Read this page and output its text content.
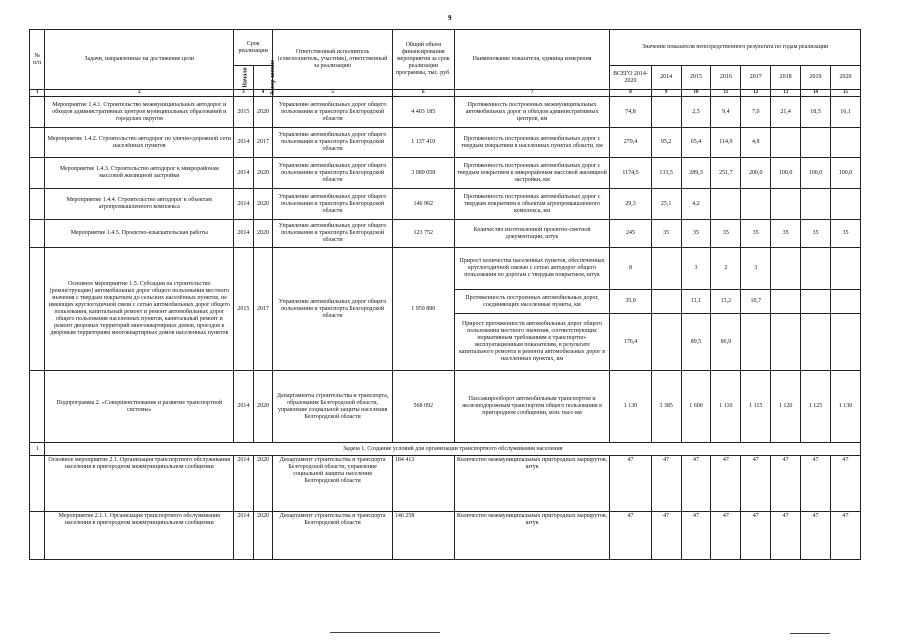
9
№ п/п	Задачи, направленные на достижение цели	Срок реализации		Ответственный исполнитель (соисполнитель, участник), ответственный за реализацию	Общий объем финансирования мероприятия за срок реализации программы, тыс. руб.	Наименование показателя, единица измерения	Значение показателя непосредственного результата по годам реализации							
		Начало	Завер-шение				ВСЕГО 2014-2020	2014	2015	2016	2017	2018	2019	2020
1	2	3	4	5	6	7	8	9	10	11	12	13	14	15
	Мероприятие 1.4.1. Строительство межмуниципальных автодорог и обходов административных центров муниципальных образований и городских округов	2015	2020	Управление автомобильных дорог общего пользования и транспорта Белгородской области	4 403 185	Протяженность построенных межмуниципальных автомобильных дорог и обходов административных центров, км	74,8		2,5	9,4	7,0	21,4	18,5	16,1
	Мероприятие 1.4.2. Строительство автодорог по улично-дорожной сети населённых пунктов	2014	2017	Управление автомобильных дорог общего пользования и транспорта Белгородской области	1 137 410	Протяженность построенных автомобильных дорог с твердым покрытием в населенных пунктах области, км	279,4	95,2	65,4	114,0	4,8			
	Мероприятие 1.4.3. Строительство автодорог к микрорайонам массовой жилищной застройки	2014	2020	Управление автомобильных дорог общего пользования и транспорта Белгородской области	3 089 058	Протяженность построенных автомобильных дорог с твердым покрытием к микрорайонам массовой жилищной застройки, км	1174,5	133,5	289,3	251,7	200,0	100,0	100,0	100,0
	Мероприятие 1.4.4. Строительство автодорог к объектам агропромышленного комплекса	2014	2020	Управление автомобильных дорог общего пользования и транспорта Белгородской области	146 962	Протяженность построенных автомобильных дорог с твердым покрытием к объектам агропромышленного комплекса, км	29,3	25,1	4,2					
	Мероприятие 1.4.5. Проектно-изыскательская работы	2014	2020	Управление автомобильных дорог общего пользования и транспорта Белгородской области	123 752	Количество изготовленной проектно-сметной документации, штук	245	35	35	35	35	35	35	35
	Основное мероприятие 1.5. Субсидии на строительство (реконструкцию) автомобильных дорог общего пользования местного значения с твердым покрытием до сельских населённых пунктов, не имеющих круглогодичной связи с сетью автомобильных дорог общего пользования, капитальный ремонт и ремонт автомобильных дорог общего пользования населенных пунктов, капитальный ремонт и ремонт дворовых территорий многоквартирных домов, проездов к дворовым территориям многоквартирных домов населенных пунктов	2015	2017	Управление автомобильных дорог общего пользования и транспорта Белгородской области	1 959 890	Прирост количества населенных пунктов, обеспеченных круглогодичной связью с сетью автодорог общего пользования по дорогам с твердым покрытием, штук	8		3	2	3			
						Протяженность построенных автомобильных дорог, соединяющих населенные пункты, км	35,0		11,1	13,2	10,7			
						Прирост протяженности автомобильных дорог общего пользования местного значения, соответствующих нормативным требованиям к транспортно-эксплуатационным показателям, в результате капитального ремонта и ремонта автомобильных дорог в населенных пунктах, км	176,4		89,5	86,9				
	Подпрограмма 2. «Совершенствование и развитие транспортной системы»	2014	2020	Департаменты строительства и транспорта, образования Белгородской области, управление социальной защиты населения Белгородской области	568 092	Пассажирооборот автомобильным транспортом и железнодорожным транспортом общего пользования в пригородном сообщении, млн. пасс-км	1 130	3 385	1 600	1 110	1 115	1 120	1 125	1 130
1	Задача 1. Создание условий для организации транспортного обслуживания населения													
	Основное мероприятие 2.1. Организация транспортного обслуживания населения в пригородном межмуниципальном сообщении	2014	2020	Департамент строительства и транспорта Белгородской области, управление социальной защиты населения Белгородской области	184 413	Количество межмуниципальных пригородных маршрутов, штук	47	47	47	47	47	47	47	47
	Мероприятие 2.1.1. Организация транспортного обслуживания населения в пригородном межмуниципальном сообщении	2014	2020	Департамент строительства и транспорта Белгородской области	146 258	Количество межмуниципальных пригородных маршрутов, штук	47	47	47	47	47	47	47	47
